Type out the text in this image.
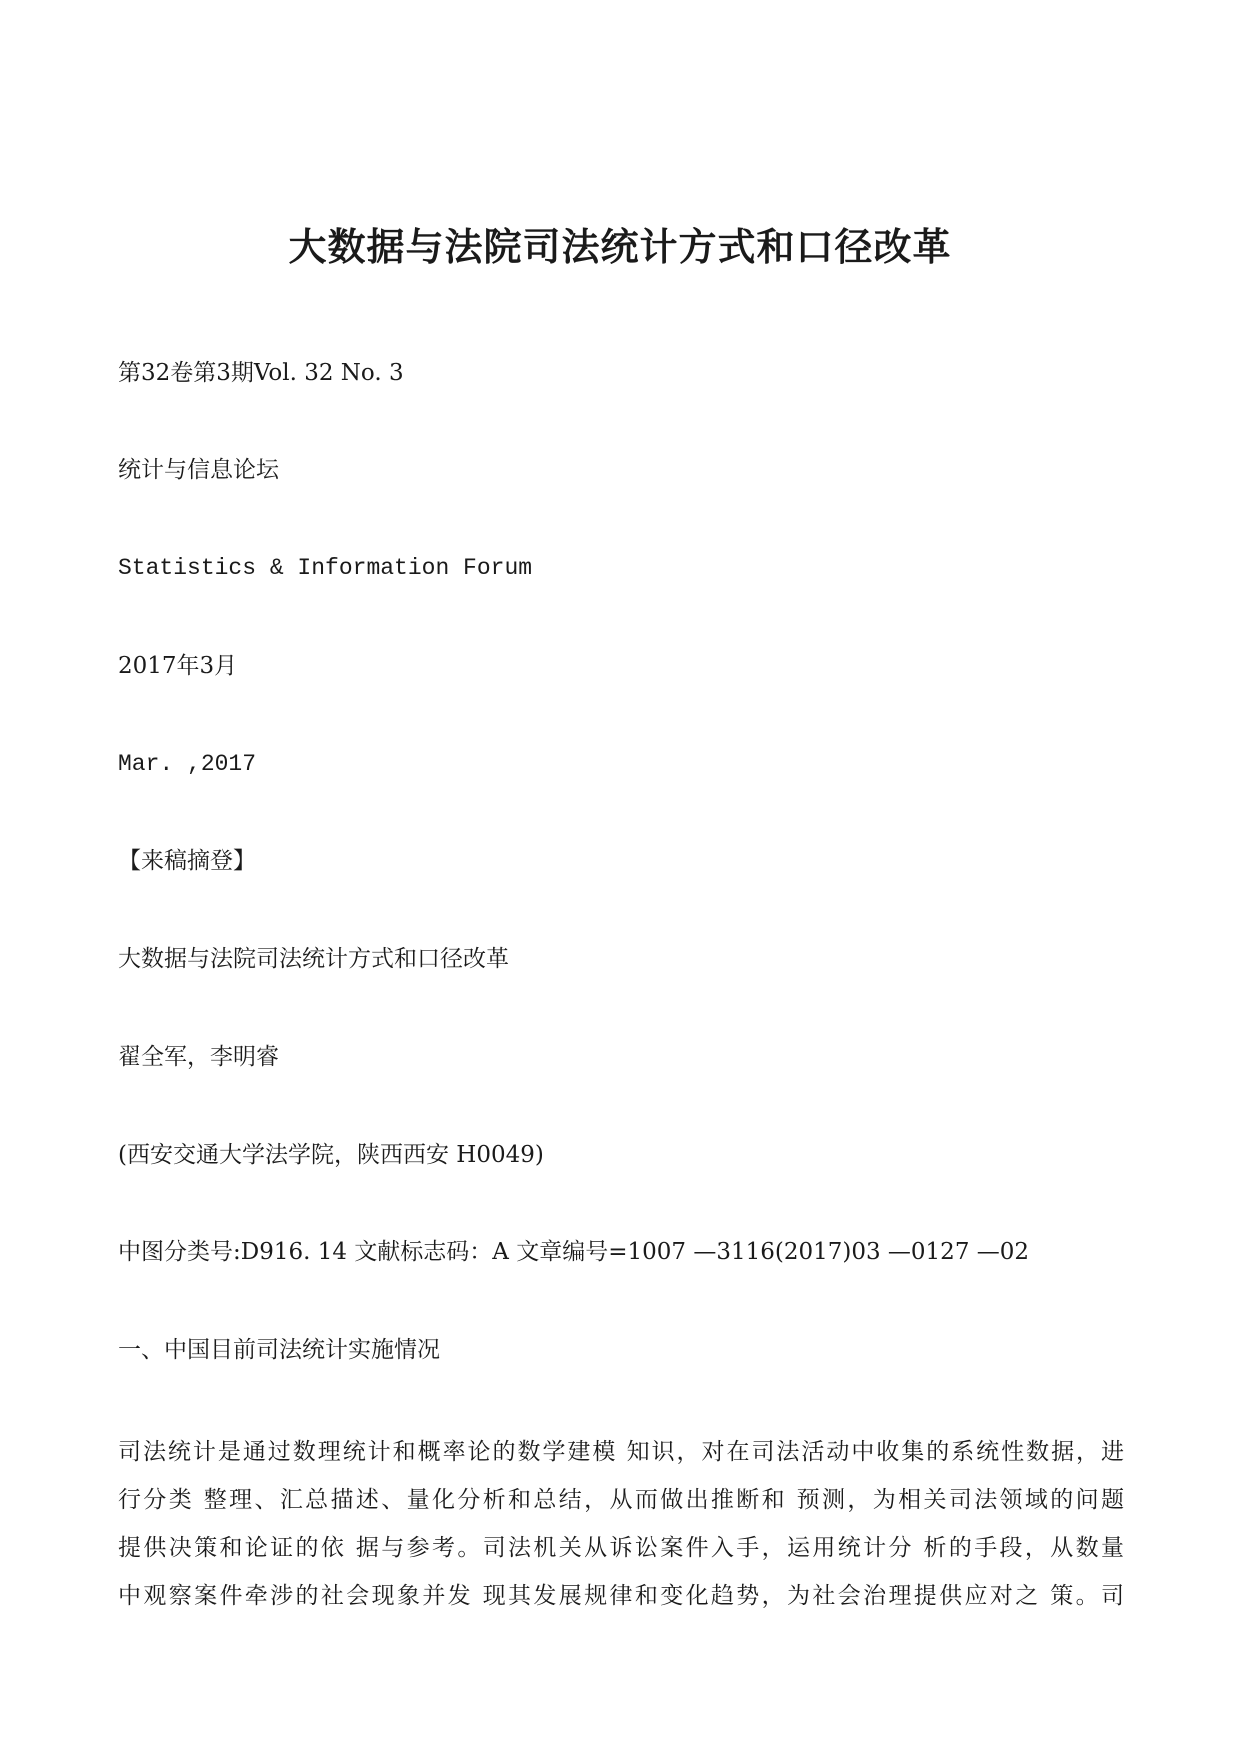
大数据与法院司法统计方式和口径改革
第32卷第3期Vol. 32 No. 3
统计与信息论坛
Statistics & Information Forum
2017年3月
Mar. ,2017
【来稿摘登】
大数据与法院司法统计方式和口径改革
翟全军，李明睿
(西安交通大学法学院，陕西西安 H0049)
中图分类号:D916. 14 文献标志码：A 文章编号=1007 —3116(2017)03 —0127 —02
一、中国目前司法统计实施情况
司法统计是通过数理统计和概率论的数学建模 知识，对在司法活动中收集的系统性数据，进
行分类 整理、汇总描述、量化分析和总结，从而做出推断和 预测，为相关司法领域的问题
提供决策和论证的依 据与参考。司法机关从诉讼案件入手，运用统计分 析的手段，从数量
中观察案件牵涉的社会现象并发 现其发展规律和变化趋势，为社会治理提供应对之 策。司
